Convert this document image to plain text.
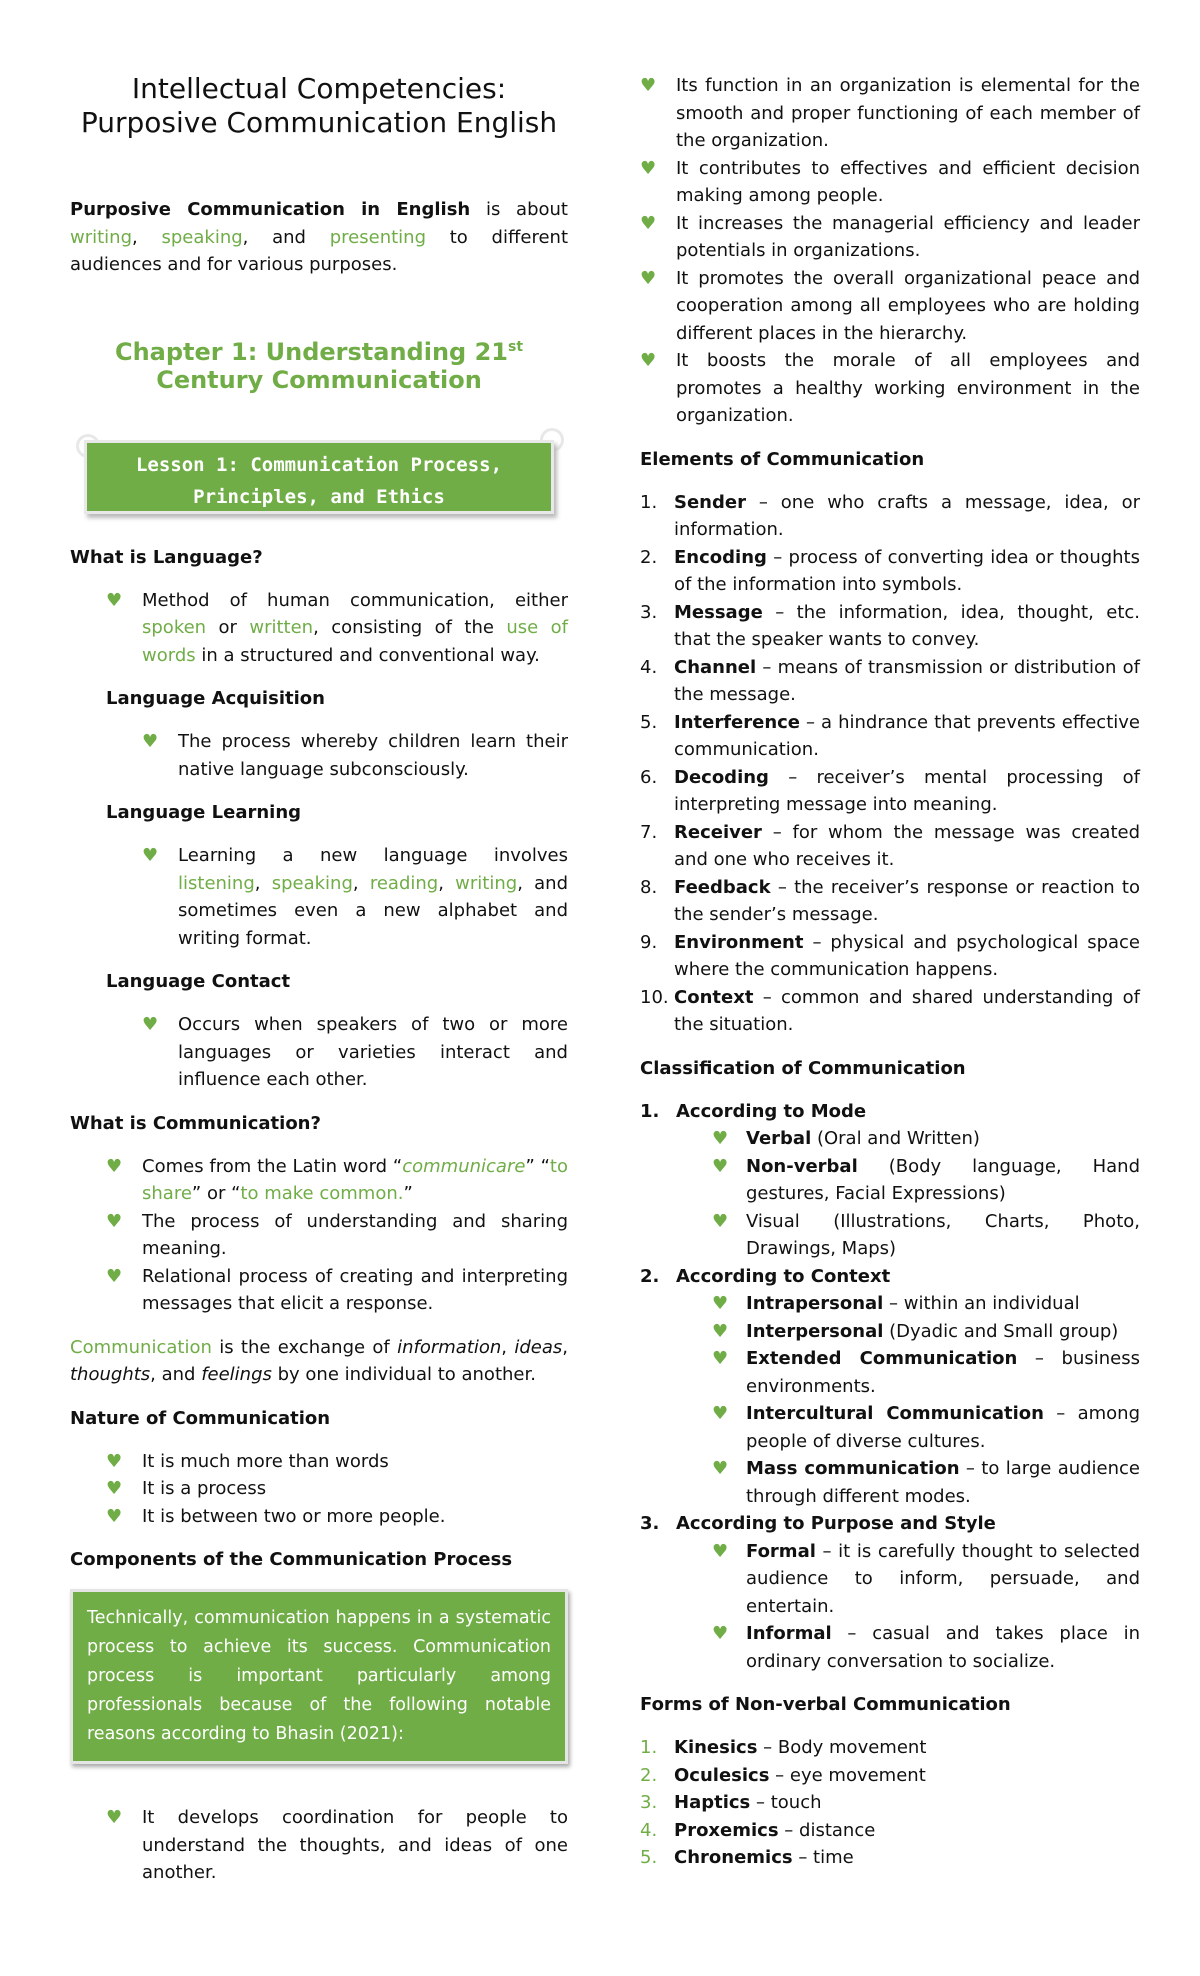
Intellectual Competencies:
Purposive Communication English

Purposive Communication in English is about writing, speaking, and presenting to different audiences and for various purposes.

Chapter 1: Understanding 21st
Century Communication
Lesson 1: Communication Process,
Principles, and Ethics
What is Language?
♥ Method of human communication, either spoken or written, consisting of the use of words in a structured and conventional way.
Language Acquisition
♥ The process whereby children learn their native language subconsciously.
Language Learning
♥ Learning a new language involves listening, speaking, reading, writing, and sometimes even a new alphabet and writing format.
Language Contact
♥ Occurs when speakers of two or more languages or varieties interact and influence each other.
What is Communication?
♥ Comes from the Latin word “communicare” “to share” or “to make common.”
♥ The process of understanding and sharing meaning.
♥ Relational process of creating and interpreting messages that elicit a response.

Communication is the exchange of information, ideas, thoughts, and feelings by one individual to another.

Nature of Communication
♥ It is much more than words
♥ It is a process
♥ It is between two or more people.
Components of the Communication Process
Technically, communication happens in a systematic process to achieve its success. Communication process is important particularly among professionals because of the following notable reasons according to Bhasin (2021):
♥ It develops coordination for people to understand the thoughts, and ideas of one another.
♥ Its function in an organization is elemental for the smooth and proper functioning of each member of the organization.
♥ It contributes to effectives and efficient decision making among people.
♥ It increases the managerial efficiency and leader potentials in organizations.
♥ It promotes the overall organizational peace and cooperation among all employees who are holding different places in the hierarchy.
♥ It boosts the morale of all employees and promotes a healthy working environment in the organization.
Elements of Communication
1. Sender – one who crafts a message, idea, or information.
2. Encoding – process of converting idea or thoughts of the information into symbols.
3. Message – the information, idea, thought, etc. that the speaker wants to convey.
4. Channel – means of transmission or distribution of the message.
5. Interference – a hindrance that prevents effective communication.
6. Decoding – receiver’s mental processing of interpreting message into meaning.
7. Receiver – for whom the message was created and one who receives it.
8. Feedback – the receiver’s response or reaction to the sender’s message.
9. Environment – physical and psychological space where the communication happens.
10. Context – common and shared understanding of the situation.
Classification of Communication
1. According to Mode
♥ Verbal (Oral and Written)
♥ Non-verbal (Body language, Hand gestures, Facial Expressions)
♥ Visual (Illustrations, Charts, Photo, Drawings, Maps)
2. According to Context
♥ Intrapersonal – within an individual
♥ Interpersonal (Dyadic and Small group)
♥ Extended Communication – business environments.
♥ Intercultural Communication – among people of diverse cultures.
♥ Mass communication – to large audience through different modes.
3. According to Purpose and Style
♥ Formal – it is carefully thought to selected audience to inform, persuade, and entertain.
♥ Informal – casual and takes place in ordinary conversation to socialize.
Forms of Non-verbal Communication
1. Kinesics – Body movement
2. Oculesics – eye movement
3. Haptics – touch
4. Proxemics – distance
5. Chronemics – time
